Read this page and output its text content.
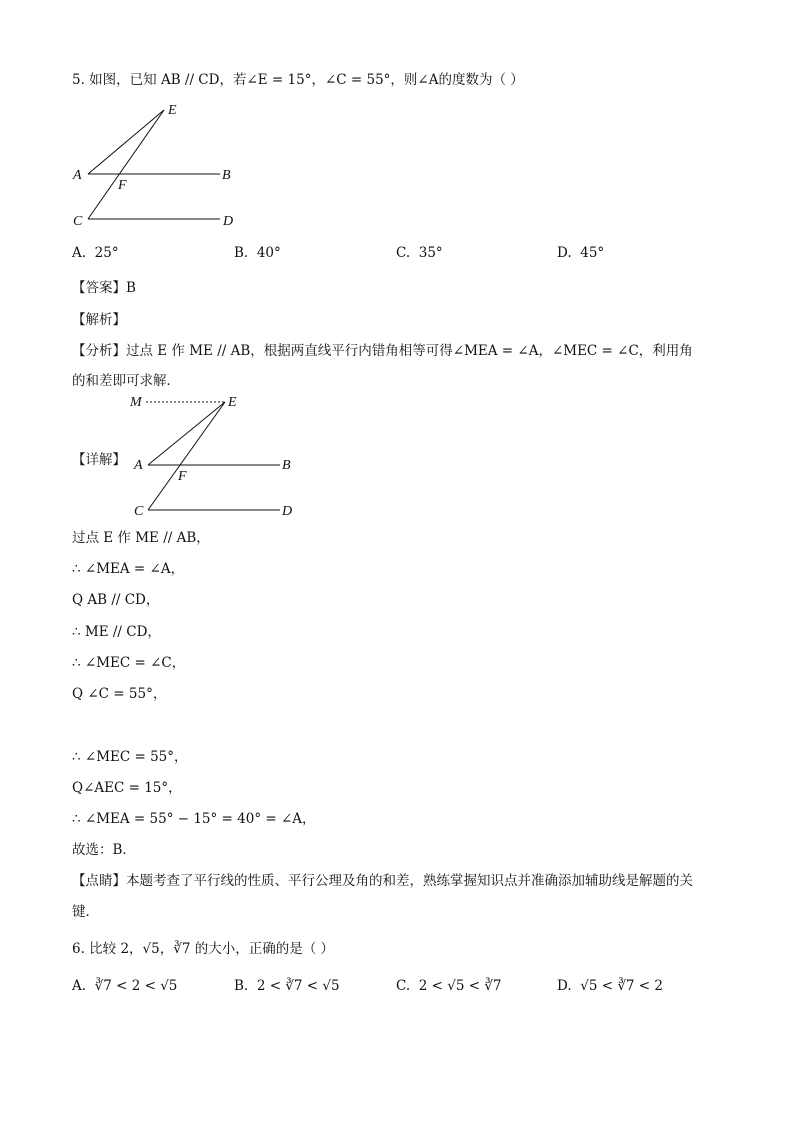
5. 如图，已知 AB // CD，若∠E = 15°，∠C = 55°，则∠A的度数为（ ）
E
A	B
F
C	D
A. 25°	B. 40°	C. 35°	D. 45°
【答案】B
【解析】
【分析】过点 E 作 ME // AB，根据两直线平行内错角相等可得∠MEA = ∠A，∠MEC = ∠C，利用角
的和差即可求解．
【详解】
M	E
A	B
F
C	D
过点 E 作 ME // AB，
∴ ∠MEA = ∠A，
Q AB // CD，
∴ ME // CD，
∴ ∠MEC = ∠C，
Q ∠C = 55°，
∴ ∠MEC = 55°，
Q∠AEC = 15°，
∴ ∠MEA = 55° − 15° = 40° = ∠A，
故选：B．
【点睛】本题考查了平行线的性质、平行公理及角的和差，熟练掌握知识点并准确添加辅助线是解题的关
键．
6. 比较 2，√5，∛7 的大小，正确的是（ ）
A. ∛7 < 2 < √5	B. 2 < ∛7 < √5	C. 2 < √5 < ∛7	D. √5 < ∛7 < 2
